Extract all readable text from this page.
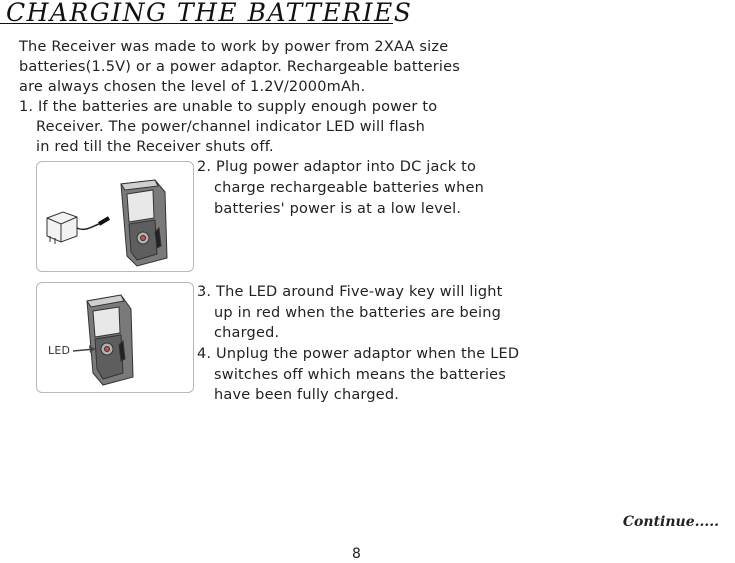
CHARGING THE BATTERIES
The Receiver was made to work by power from 2XAA size
batteries(1.5V) or a power adaptor. Rechargeable batteries
are always chosen the level of 1.2V/2000mAh.
1. If the batteries are unable to supply enough power to
Receiver. The power/channel indicator LED will flash
in red till the Receiver shuts off.
2. Plug power adaptor into DC jack to
charge rechargeable batteries when
batteries' power is at a low level.
LED
3. The LED around Five-way key will light
up in red when the batteries are being
charged.
4. Unplug the power adaptor when the LED
switches off which means the batteries
have been fully charged.
Continue.....
8
